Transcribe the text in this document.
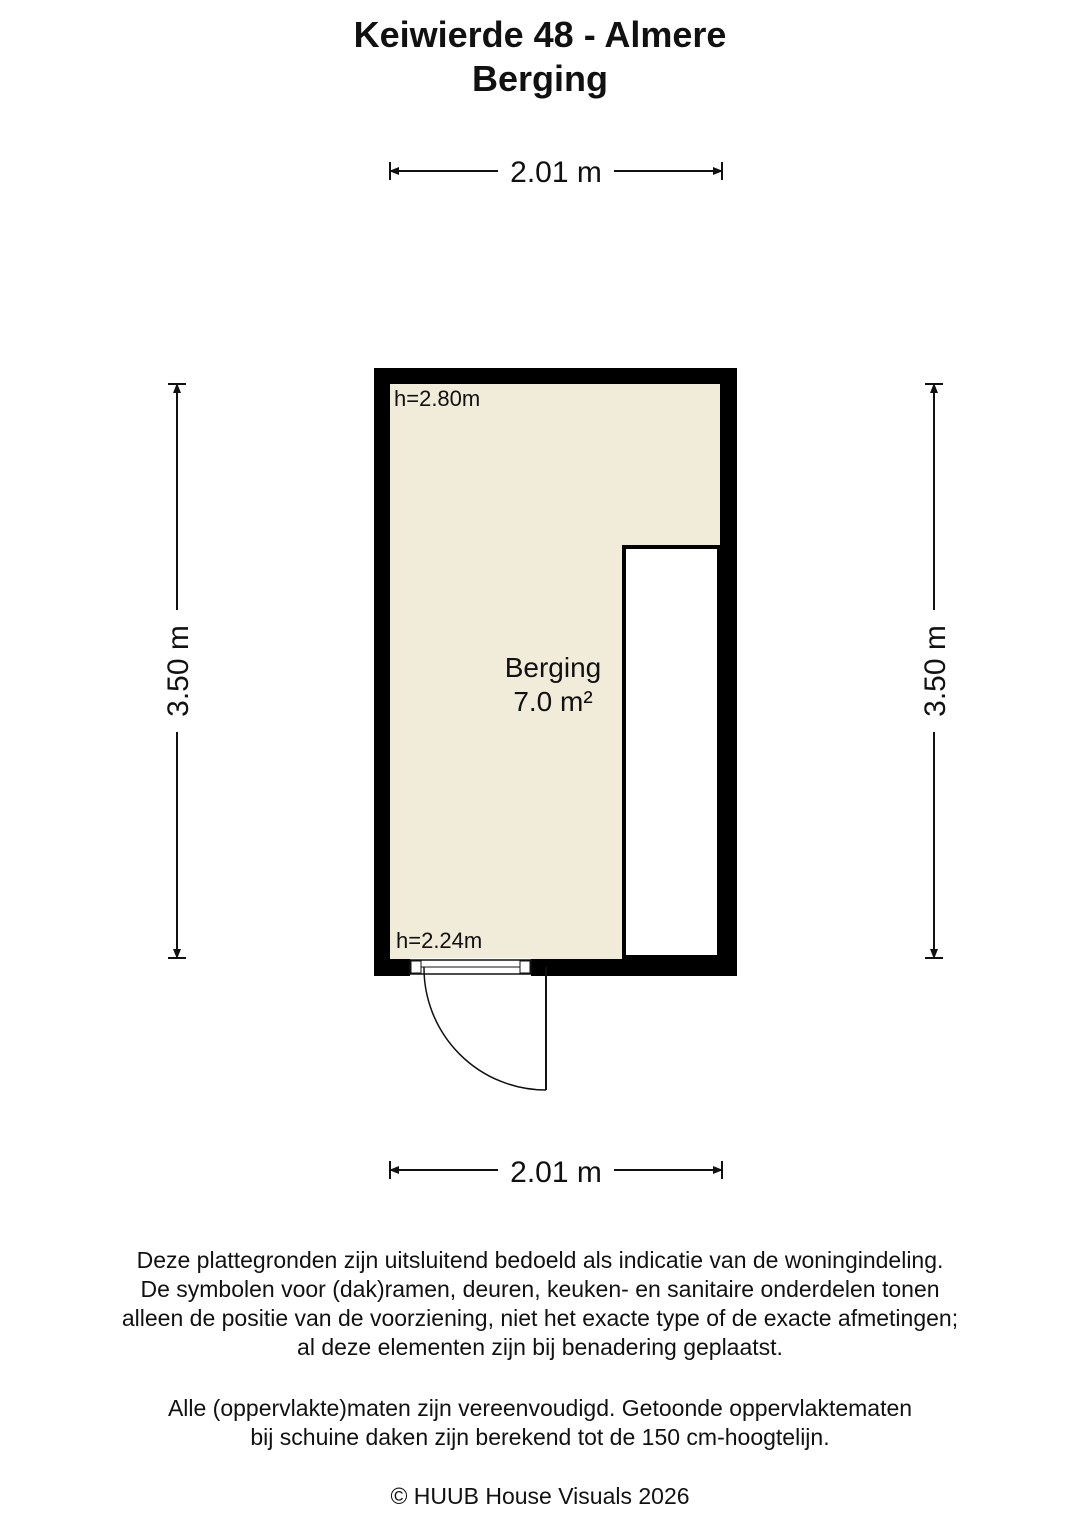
Keiwierde 48 - Almere
Berging
2.01 m
2.01 m
3.50 m	3.50 m
h=2.80m
h=2.24m
Berging
7.0 m²
Deze plattegronden zijn uitsluitend bedoeld als indicatie van de woningindeling.
De symbolen voor (dak)ramen, deuren, keuken- en sanitaire onderdelen tonen
alleen de positie van de voorziening, niet het exacte type of de exacte afmetingen;
al deze elementen zijn bij benadering geplaatst.
Alle (oppervlakte)maten zijn vereenvoudigd. Getoonde oppervlaktematen
bij schuine daken zijn berekend tot de 150 cm-hoogtelijn.
© HUUB House Visuals 2026
